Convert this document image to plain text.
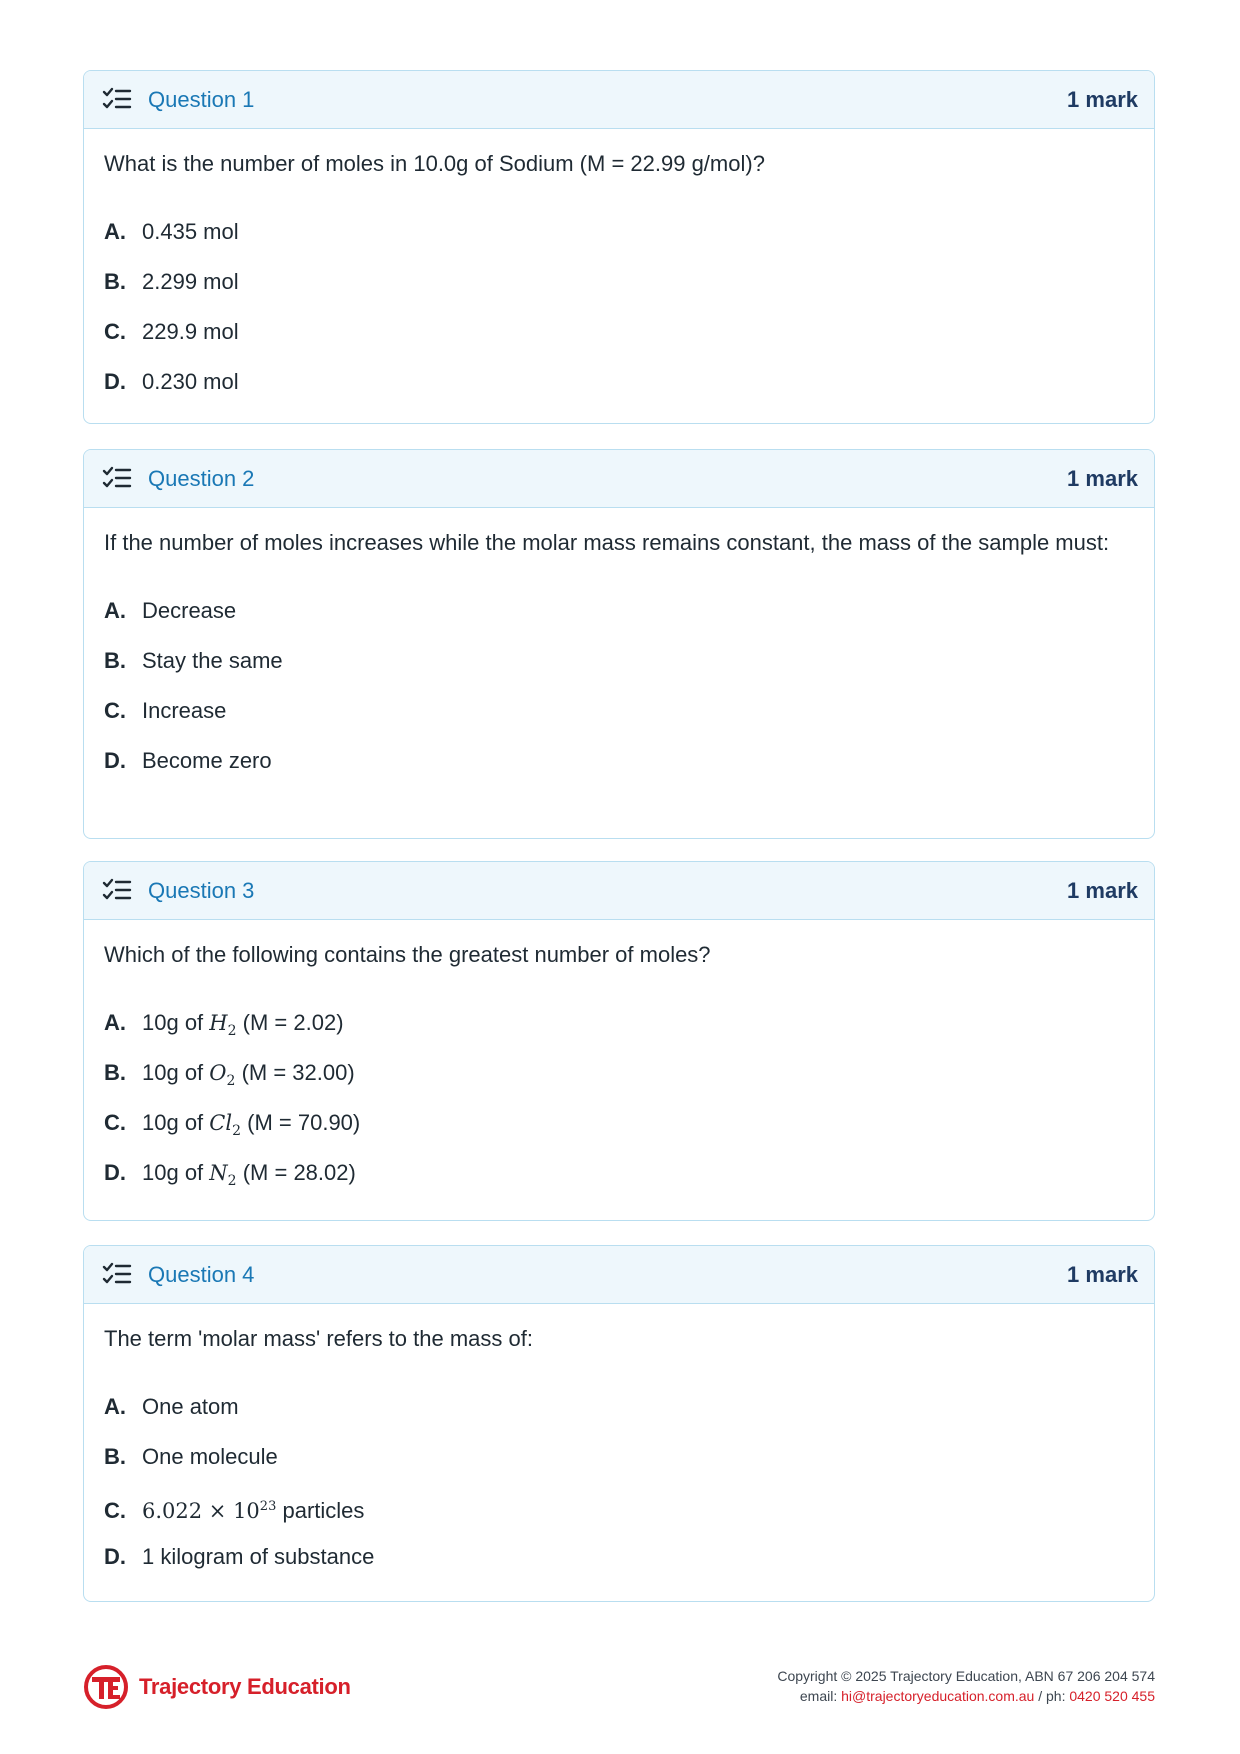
Question 1	1 mark

What is the number of moles in 10.0g of Sodium (M = 22.99 g/mol)?

A. 0.435 mol
B. 2.299 mol
C. 229.9 mol
D. 0.230 mol
Question 2	1 mark

If the number of moles increases while the molar mass remains constant, the mass of the sample must:

A. Decrease
B. Stay the same
C. Increase
D. Become zero
Question 3	1 mark

Which of the following contains the greatest number of moles?

A. 10g of $H_2$ (M = 2.02)
B. 10g of $O_2$ (M = 32.00)
C. 10g of $Cl_2$ (M = 70.90)
D. 10g of $N_2$ (M = 28.02)
Question 4	1 mark

The term 'molar mass' refers to the mass of:

A. One atom
B. One molecule
C. $6.022 \times 10^{23}$ particles
D. 1 kilogram of substance
Trajectory Education	Copyright © 2025 Trajectory Education, ABN 67 206 204 574
email: hi@trajectoryeducation.com.au / ph: 0420 520 455
